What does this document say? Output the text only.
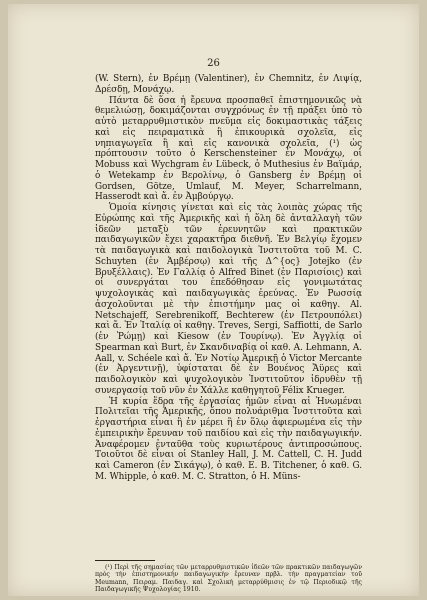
26

(W. Stern), ἐν Βρέμῃ (Valentiner), ἐν Chemnitz, ἐν Λιψίᾳ, Δρέσδῃ, Μονάχῳ.

Πάντα δὲ ὅσα ἡ ἔρευνα προσπαθεῖ ἐπιστημονικῶς νὰ θεμελιώσῃ, δοκιμάζονται συγχρόνως ἐν τῇ πράξει ὑπὸ τὸ αὐτὸ μεταρρυθμιστικὸν πνεῦμα εἰς δοκιμαστικὰς τάξεις καὶ εἰς πειραματικὰ ἢ ἐπικουρικὰ σχολεῖα, εἰς νηπιαγωγεῖα ἢ καὶ εἰς κανονικὰ σχολεῖα, (¹) ὡς πρόπτουσιν τοῦτο ὁ Kerschensteiner ἐν Μονάχῳ, οἱ Mobuss καὶ Wychgram ἐν Lübeck, ὁ Muthesius ἐν Βαϊμάρ, ὁ Wetekamp ἐν Βερολίνῳ, ὁ Gansberg ἐν Βρέμῃ οἱ Gordsen, Götze, Umlauf, M. Meyer, Scharrelmann, Hasserodt καὶ ἄ. ἐν Ἀμβούργῳ.

Ὁμοία κίνησις γίνεται καὶ εἰς τὰς λοιπὰς χώρας τῆς Εὐρώπης καὶ τῆς Ἀμερικῆς καὶ ἡ ὅλη δὲ ἀνταλλαγὴ τῶν ἰδεῶν μεταξὺ τῶν ἐρευνητῶν καὶ πρακτικῶν παιδαγωγικῶν ἔχει χαρακτῆρα διεθνῆ. Ἐν Βελγίῳ ἔχομεν τὰ παιδαγωγικὰ καὶ παιδολογικὰ Ἰνστιτοῦτα τοῦ M. C. Schuyten (ἐν Ἀμβέρσῳ) καὶ τῆς Δ^{ος} Jotejko (ἐν Βρυξέλλαις). Ἐν Γαλλίᾳ ὁ Alfred Binet (ἐν Παρισίοις) καὶ οἱ συνεργάται του ἐπεδόθησαν εἰς γονιμωτάτας ψυχολογικὰς καὶ παιδαγωγικὰς ἐρεύνας. Ἐν Ρωσσίᾳ ἀσχολοῦνται μὲ τὴν ἐπιστήμην μας οἱ καθηγ. Al. Netschajeff, Serebrenikoff, Bechterew (ἐν Πετρουπόλει) καὶ ἄ. Ἐν Ἰταλίᾳ οἱ καθηγ. Treves, Sergi, Saffiotti, de Sarlo (ἐν Ῥώμῃ) καὶ Kiesow (ἐν Τουρίνῳ). Ἐν Ἀγγλίᾳ οἱ Spearman καὶ Burt, ἐν Σκανδιναβίᾳ οἱ καθ. A. Lehmann, A. Aall, v. Schéele καὶ ἄ. Ἐν Νοτίῳ Ἀμερικῇ ὁ Victor Mercante (ἐν Ἀργεντινῇ), ὑφίσταται δὲ ἐν Βουένος Ἄϋρες καὶ παιδολογικὸν καὶ ψυχολογικὸν Ἰνστιτοῦτον ἱδρυθὲν τῇ συνεργασίᾳ τοῦ νῦν ἐν Χάλλε καθηγητοῦ Félix Krueger.

Ἡ κυρία ἕδρα τῆς ἐργασίας ἡμῶν εἶναι αἱ Ἡνωμέναι Πολιτεῖαι τῆς Ἀμερικῆς, ὅπου πολυάριθμα Ἰνστιτοῦτα καὶ ἐργαστήρια εἶναι ἢ ἐν μέρει ἢ ἐν ὅλῳ ἀφιερωμένα εἰς τὴν ἐμπειρικὴν ἔρευναν τοῦ παιδίου καὶ εἰς τὴν παιδαγωγικήν. Ἀναφέρομεν ἐνταῦθα τοὺς κυριωτέρους ἀντιπροσώπους. Τοιοῦτοι δὲ εἶναι οἱ Stanley Hall, J. M. Cattell, C. H. Judd καὶ Cameron (ἐν Σικάγῳ), ὁ καθ. E. B. Titchener, ὁ καθ. G. M. Whipple, ὁ καθ. M. C. Stratton, ὁ H. Müns-

(¹) Περὶ τῆς σημασίας τῶν μεταρρυθμιστικῶν ἰδεῶν τῶν πρακτικῶν παιδαγωγῶν πρὸς τὴν ἐπιστημονικὴν παιδαγωγικὴν ἔρευναν πρβλ. τὴν πραγματείαν τοῦ Meumann, Πειραμ. Παιδαγ. καὶ Σχολικὴ μεταρρύθμισις ἐν τῷ Περιοδικῷ τῆς Παιδαγωγικῆς Ψυχολογίας 1910.
